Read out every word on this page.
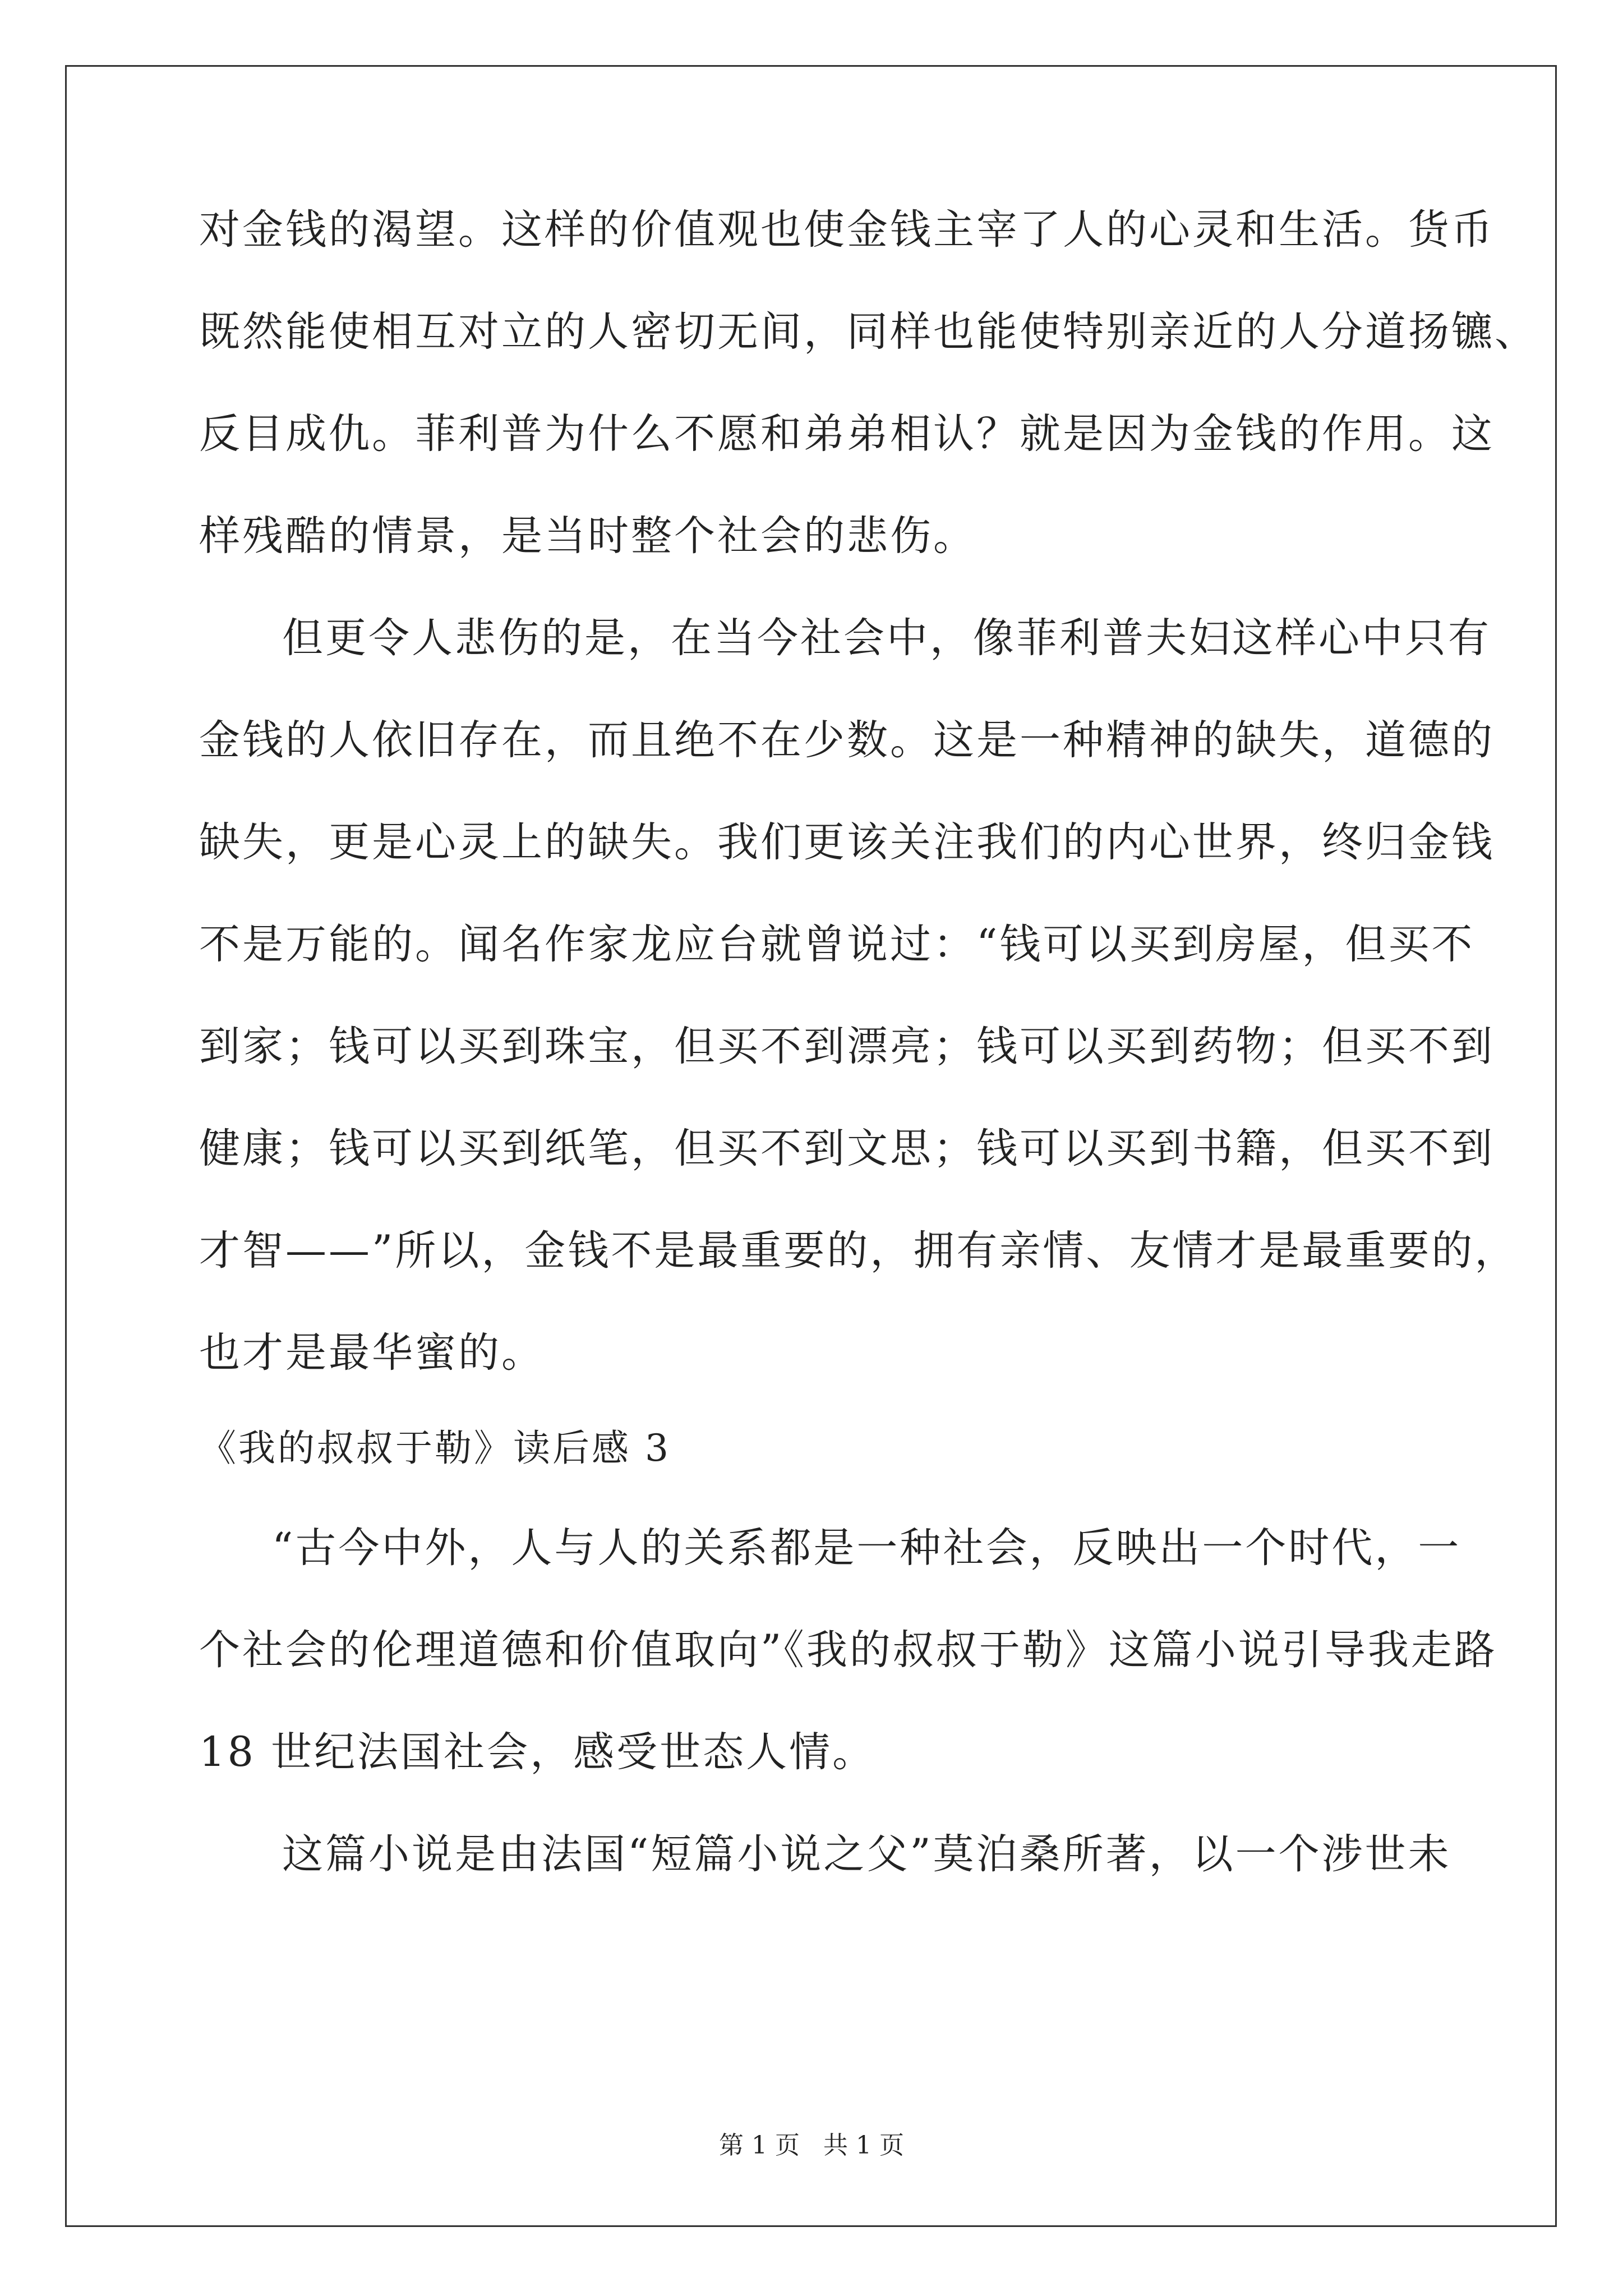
对金钱的渴望。这样的价值观也使金钱主宰了人的心灵和生活。货币
既然能使相互对立的人密切无间，同样也能使特别亲近的人分道扬镳、
反目成仇。菲利普为什么不愿和弟弟相认？就是因为金钱的作用。这
样残酷的情景，是当时整个社会的悲伤。
但更令人悲伤的是，在当今社会中，像菲利普夫妇这样心中只有
金钱的人依旧存在，而且绝不在少数。这是一种精神的缺失，道德的
缺失，更是心灵上的缺失。我们更该关注我们的内心世界，终归金钱
不是万能的。闻名作家龙应台就曾说过：“钱可以买到房屋，但买不
到家；钱可以买到珠宝，但买不到漂亮；钱可以买到药物；但买不到
健康；钱可以买到纸笔，但买不到文思；钱可以买到书籍，但买不到
才智——”所以，金钱不是最重要的，拥有亲情、友情才是最重要的，
也才是最华蜜的。
《我的叔叔于勒》读后感 3
“古今中外，人与人的关系都是一种社会，反映出一个时代，一
个社会的伦理道德和价值取向”《我的叔叔于勒》这篇小说引导我走路
18 世纪法国社会，感受世态人情。
这篇小说是由法国“短篇小说之父”莫泊桑所著，以一个涉世未
第 1 页 共 1 页
